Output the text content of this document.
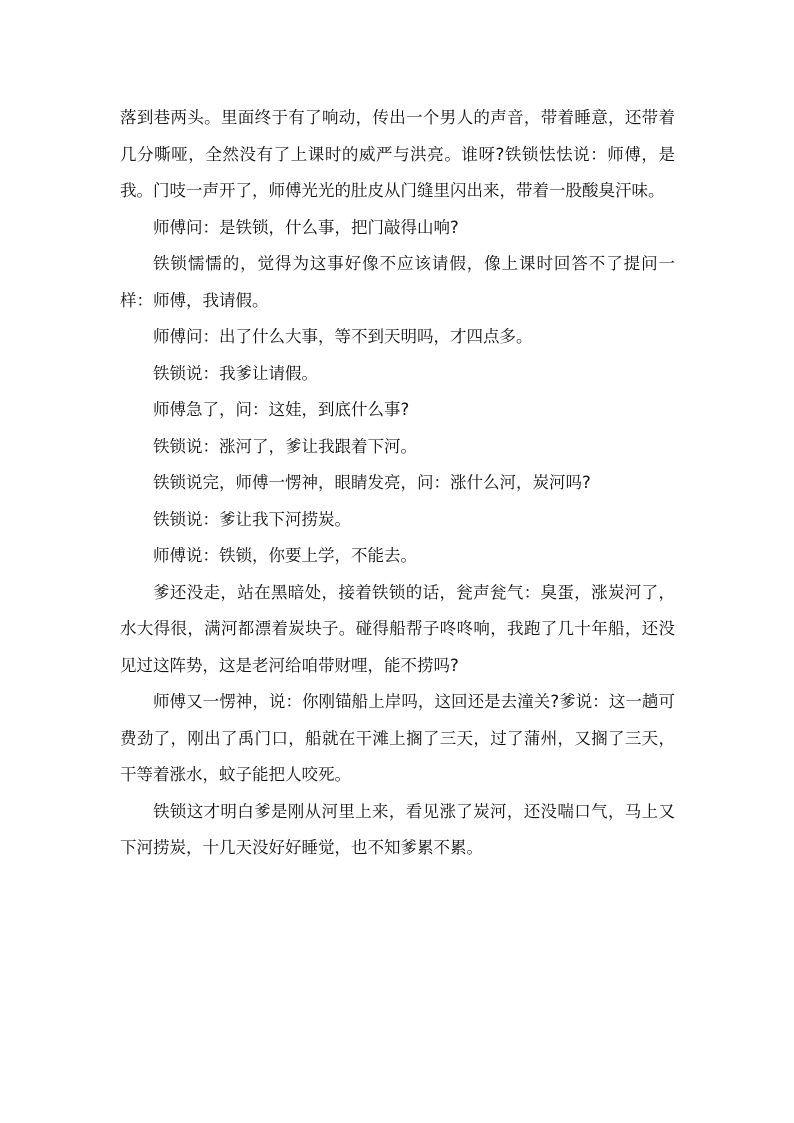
落到巷两头。里面终于有了响动，传出一个男人的声音，带着睡意，还带着几分嘶哑，全然没有了上课时的威严与洪亮。谁呀?铁锁怯怯说：师傅，是我。门吱一声开了，师傅光光的肚皮从门缝里闪出来，带着一股酸臭汗味。

师傅问：是铁锁，什么事，把门敲得山响?

铁锁懦懦的，觉得为这事好像不应该请假，像上课时回答不了提问一样：师傅，我请假。

师傅问：出了什么大事，等不到天明吗，才四点多。

铁锁说：我爹让请假。

师傅急了，问：这娃，到底什么事?

铁锁说：涨河了，爹让我跟着下河。

铁锁说完，师傅一愣神，眼睛发亮，问：涨什么河，炭河吗?

铁锁说：爹让我下河捞炭。

师傅说：铁锁，你要上学，不能去。

爹还没走，站在黑暗处，接着铁锁的话，瓮声瓮气：臭蛋，涨炭河了，水大得很，满河都漂着炭块子。碰得船帮子咚咚响，我跑了几十年船，还没见过这阵势，这是老河给咱带财哩，能不捞吗?

师傅又一愣神，说：你刚锚船上岸吗，这回还是去潼关?爹说：这一趟可费劲了，刚出了禹门口，船就在干滩上搁了三天，过了蒲州，又搁了三天，干等着涨水，蚊子能把人咬死。

铁锁这才明白爹是刚从河里上来，看见涨了炭河，还没喘口气，马上又下河捞炭，十几天没好好睡觉，也不知爹累不累。
